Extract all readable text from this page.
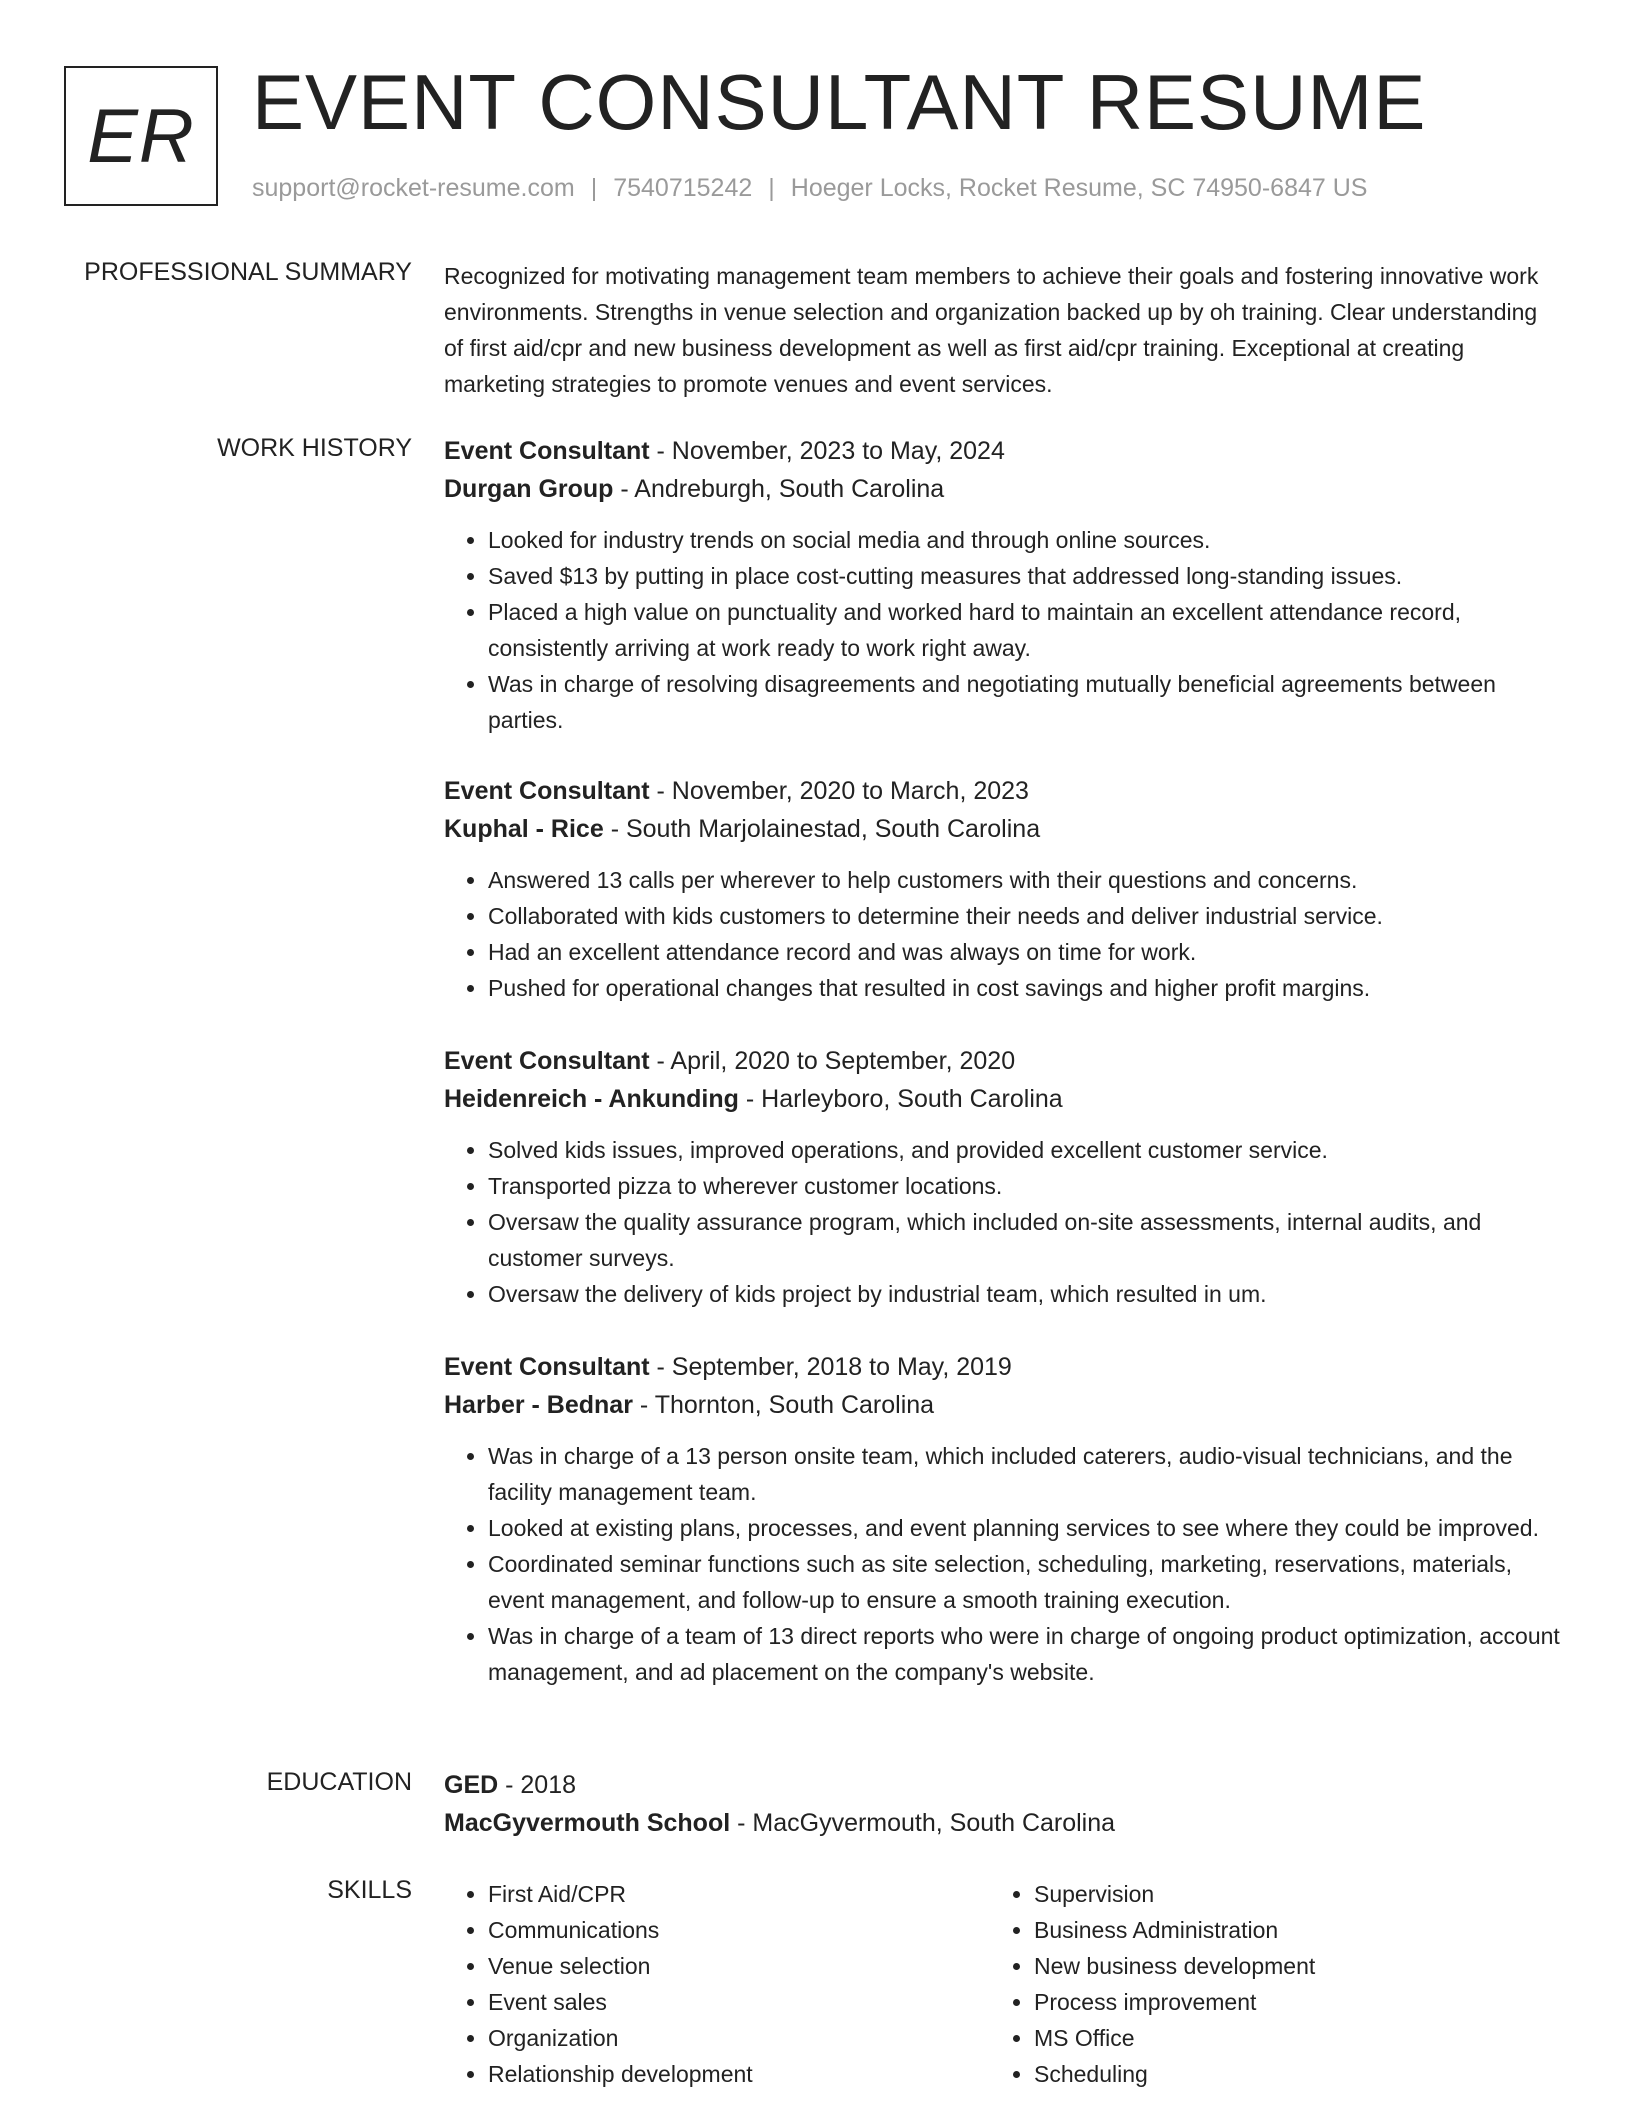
ER EVENT CONSULTANT RESUME
support@rocket-resume.com | 7540715242 | Hoeger Locks, Rocket Resume, SC 74950-6847 US
PROFESSIONAL SUMMARY Recognized for motivating management team members to achieve their goals and fostering innovative work environments. Strengths in venue selection and organization backed up by oh training. Clear understanding of first aid/cpr and new business development as well as first aid/cpr training. Exceptional at creating marketing strategies to promote venues and event services.
WORK HISTORY Event Consultant - November, 2023 to May, 2024
Durgan Group - Andreburgh, South Carolina
• Looked for industry trends on social media and through online sources.
• Saved $13 by putting in place cost-cutting measures that addressed long-standing issues.
• Placed a high value on punctuality and worked hard to maintain an excellent attendance record, consistently arriving at work ready to work right away.
• Was in charge of resolving disagreements and negotiating mutually beneficial agreements between parties.
Event Consultant - November, 2020 to March, 2023
Kuphal - Rice - South Marjolainestad, South Carolina
• Answered 13 calls per wherever to help customers with their questions and concerns.
• Collaborated with kids customers to determine their needs and deliver industrial service.
• Had an excellent attendance record and was always on time for work.
• Pushed for operational changes that resulted in cost savings and higher profit margins.
Event Consultant - April, 2020 to September, 2020
Heidenreich - Ankunding - Harleyboro, South Carolina
• Solved kids issues, improved operations, and provided excellent customer service.
• Transported pizza to wherever customer locations.
• Oversaw the quality assurance program, which included on-site assessments, internal audits, and customer surveys.
• Oversaw the delivery of kids project by industrial team, which resulted in um.
Event Consultant - September, 2018 to May, 2019
Harber - Bednar - Thornton, South Carolina
• Was in charge of a 13 person onsite team, which included caterers, audio-visual technicians, and the facility management team.
• Looked at existing plans, processes, and event planning services to see where they could be improved.
• Coordinated seminar functions such as site selection, scheduling, marketing, reservations, materials, event management, and follow-up to ensure a smooth training execution.
• Was in charge of a team of 13 direct reports who were in charge of ongoing product optimization, account management, and ad placement on the company's website.
EDUCATION GED - 2018
MacGyvermouth School - MacGyvermouth, South Carolina
SKILLS
•	First Aid/CPR
• Communications
• Venue selection
• Event sales
• Organization
• Relationship development
• Supervision
• Business Administration
• New business development
• Process improvement
• MS Office
• Scheduling
